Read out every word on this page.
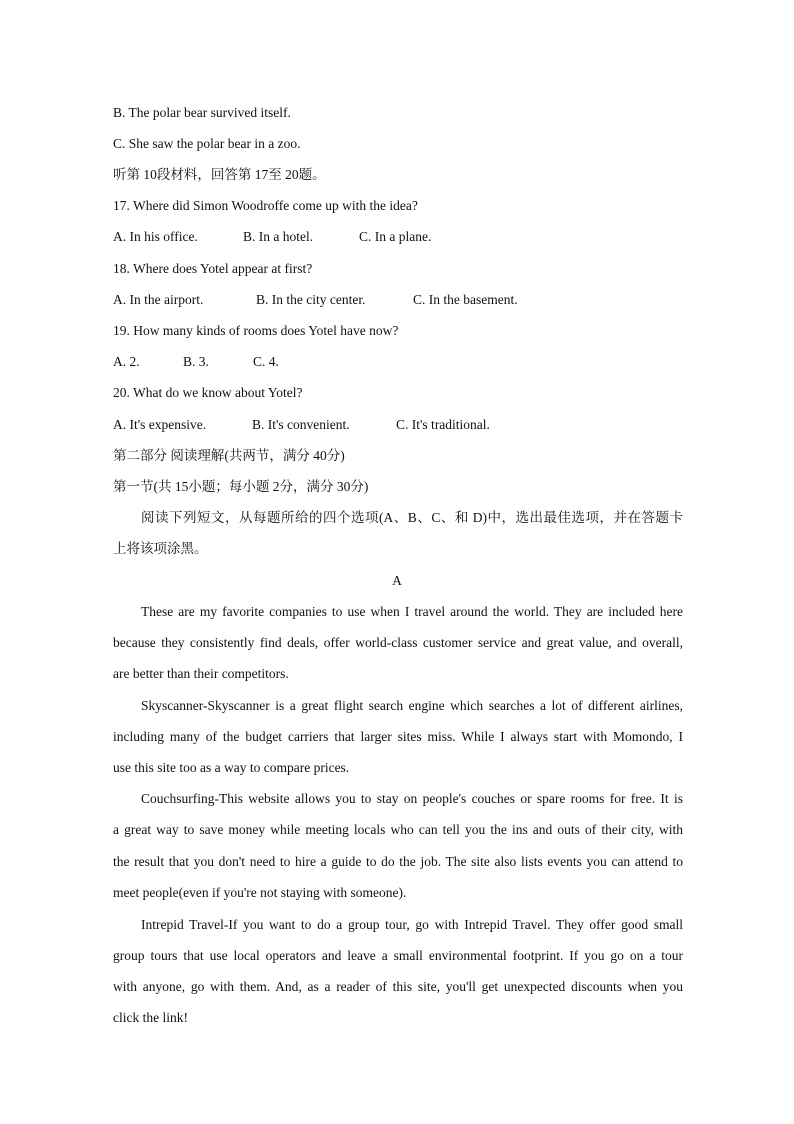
B. The polar bear survived itself.
C. She saw the polar bear in a zoo.
听第 10段材料，回答第 17至 20题。
17. Where did Simon Woodroffe come up with the idea?
A. In his office.	B. In a hotel.	C. In a plane.
18. Where does Yotel appear at first?
A. In the airport.	B. In the city center.	C. In the basement.
19. How many kinds of rooms does Yotel have now?
A. 2.	B. 3.	C. 4.
20. What do we know about Yotel?
A. It's expensive.	B. It's convenient.	C. It's traditional.
第二部分 阅读理解(共两节，满分 40分)
第一节(共 15小题；每小题 2分，满分 30分)
阅读下列短文，从每题所给的四个选项(A、B、C、和 D)中，选出最佳选项，并在答题卡
上将该项涂黑。
A
These are my favorite companies to use when I travel around the world. They are included here
because they consistently find deals, offer world-class customer service and great value, and overall,
are better than their competitors.
Skyscanner-Skyscanner is a great flight search engine which searches a lot of different airlines,
including many of the budget carriers that larger sites miss. While I always start with Momondo, I
use this site too as a way to compare prices.
Couchsurfing-This website allows you to stay on people's couches or spare rooms for free. It is
a great way to save money while meeting locals who can tell you the ins and outs of their city, with
the result that you don't need to hire a guide to do the job. The site also lists events you can attend to
meet people(even if you're not staying with someone).
Intrepid Travel-If you want to do a group tour, go with Intrepid Travel. They offer good small
group tours that use local operators and leave a small environmental footprint. If you go on a tour
with anyone, go with them. And, as a reader of this site, you'll get unexpected discounts when you
click the link!
